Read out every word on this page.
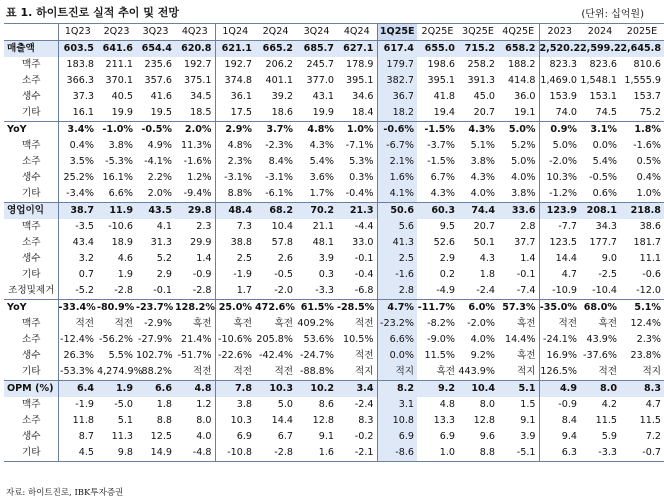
표 1. 하이트진로 실적 추이 및 전망	(단위: 십억원)
	1Q23	2Q23	3Q23	4Q23	1Q24	2Q24	3Q24	4Q24	1Q25E	2Q25E	3Q25E	4Q25E	2023	2024	2025E
매출액	603.5	641.6	654.4	620.8	621.1	665.2	685.7	627.1	617.4	655.0	715.2	658.2	2,520.2	2,599.2	2,645.8
맥주	183.8	211.1	235.6	192.7	192.7	206.2	245.7	178.9	179.7	198.6	258.2	188.2	823.3	823.6	810.6
소주	366.3	370.1	357.6	375.1	374.8	401.1	377.0	395.1	382.7	395.1	391.3	414.8	1,469.0	1,548.1	1,555.9
생수	37.3	40.5	41.6	34.5	36.1	39.2	43.1	34.6	36.7	41.8	45.0	36.0	153.9	153.1	153.7
기타	16.1	19.9	19.5	18.5	17.5	18.6	19.9	18.4	18.2	19.4	20.7	19.1	74.0	74.5	75.2
YoY	3.4%	-1.0%	-0.5%	2.0%	2.9%	3.7%	4.8%	1.0%	-0.6%	-1.5%	4.3%	5.0%	0.9%	3.1%	1.8%
맥주	0.4%	3.8%	4.9%	11.3%	4.8%	-2.3%	4.3%	-7.1%	-6.7%	-3.7%	5.1%	5.2%	5.0%	0.0%	-1.6%
소주	3.5%	-5.3%	-4.1%	-1.6%	2.3%	8.4%	5.4%	5.3%	2.1%	-1.5%	3.8%	5.0%	-2.0%	5.4%	0.5%
생수	25.2%	16.1%	2.2%	1.2%	-3.1%	-3.1%	3.6%	0.3%	1.6%	6.7%	4.3%	4.0%	10.3%	-0.5%	0.4%
기타	-3.4%	6.6%	2.0%	-9.4%	8.8%	-6.1%	1.7%	-0.4%	4.1%	4.3%	4.0%	3.8%	-1.2%	0.6%	1.0%
영업이익	38.7	11.9	43.5	29.8	48.4	68.2	70.2	21.3	50.6	60.3	74.4	33.6	123.9	208.1	218.8
맥주	-3.5	-10.6	4.1	2.3	7.3	10.4	21.1	-4.4	5.6	9.5	20.7	2.8	-7.7	34.3	38.6
소주	43.4	18.9	31.3	29.9	38.8	57.8	48.1	33.0	41.3	52.6	50.1	37.7	123.5	177.7	181.7
생수	3.2	4.6	5.2	1.4	2.5	2.6	3.9	-0.1	2.5	2.9	4.3	1.4	14.4	9.0	11.1
기타	0.7	1.9	2.9	-0.9	-1.9	-0.5	0.3	-0.4	-1.6	0.2	1.8	-0.1	4.7	-2.5	-0.6
조정및제거	-5.2	-2.8	-0.1	-2.8	1.7	-2.0	-3.3	-6.8	2.8	-4.9	-2.4	-7.4	-10.9	-10.4	-12.0
YoY	-33.4%	-80.9%	-23.7%	128.2%	25.0%	472.6%	61.5%	-28.5%	4.7%	-11.7%	6.0%	57.3%	-35.0%	68.0%	5.1%
맥주	적전	적전	-2.9%	흑전	흑전	흑전	409.2%	적전	-23.2%	-8.2%	-2.0%	흑전	적전	흑전	12.4%
소주	-12.4%	-56.2%	-27.9%	21.4%	-10.6%	205.8%	53.6%	10.5%	6.6%	-9.0%	4.0%	14.4%	-24.1%	43.9%	2.3%
생수	26.3%	5.5%	102.7%	-51.7%	-22.6%	-42.4%	-24.7%	적전	0.0%	11.5%	9.2%	흑전	16.9%	-37.6%	23.8%
기타	-53.3%	4,274.9%	88.2%	적전	적전	적전	-88.8%	적지	적지	흑전	443.9%	적지	126.5%	적전	적지
OPM (%)	6.4	1.9	6.6	4.8	7.8	10.3	10.2	3.4	8.2	9.2	10.4	5.1	4.9	8.0	8.3
맥주	-1.9	-5.0	1.8	1.2	3.8	5.0	8.6	-2.4	3.1	4.8	8.0	1.5	-0.9	4.2	4.7
소주	11.8	5.1	8.8	8.0	10.3	14.4	12.8	8.3	10.8	13.3	12.8	9.1	8.4	11.5	11.5
생수	8.7	11.3	12.5	4.0	6.9	6.7	9.1	-0.2	6.9	6.9	9.6	3.9	9.4	5.9	7.2
기타	4.5	9.8	14.9	-4.8	-10.8	-2.8	1.6	-2.1	-8.6	1.0	8.8	-5.1	6.3	-3.3	-0.7
자료: 하이트진로, IBK투자증권
